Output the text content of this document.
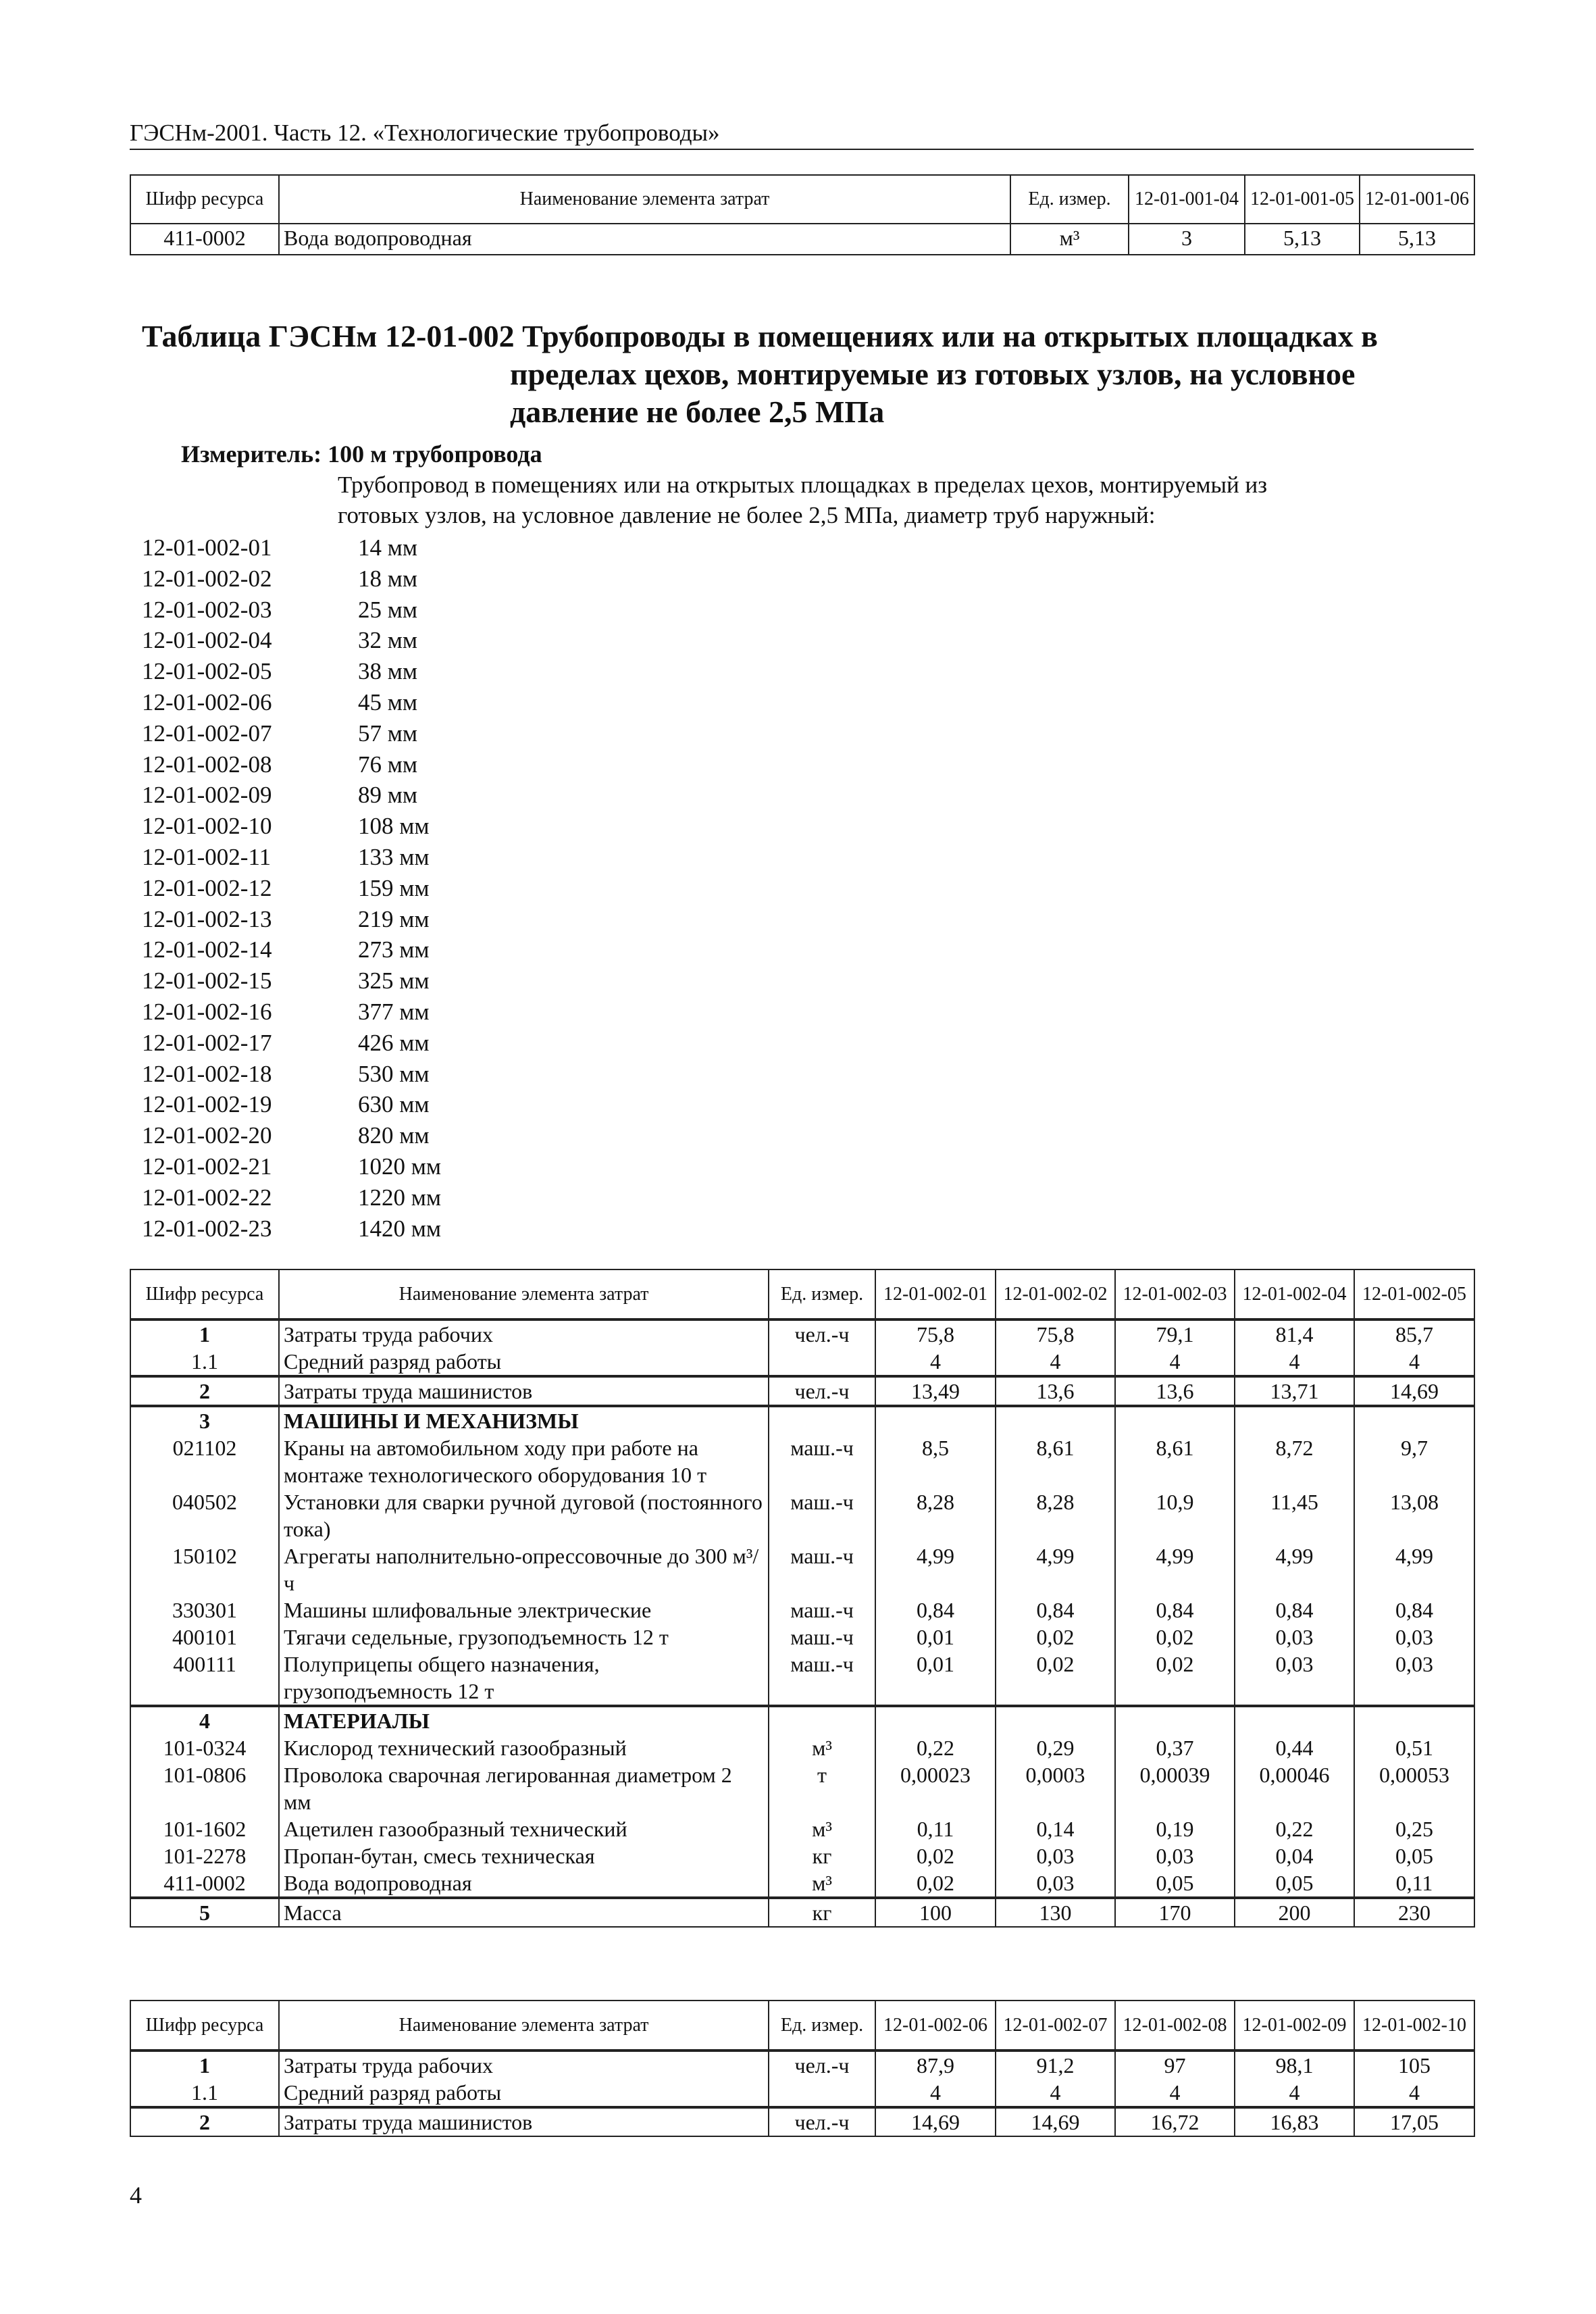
ГЭСНм-2001. Часть 12. «Технологические трубопроводы»
Шифр ресурса	Наименование элемента затрат	Ед. измер.	12-01-001-04	12-01-001-05	12-01-001-06
411-0002	Вода водопроводная	м³	3	5,13	5,13
Таблица ГЭСНм 12-01-002 Трубопроводы в помещениях или на открытых площадках в
пределах цехов, монтируемые из готовых узлов, на условное
давление не более 2,5 МПа
Измеритель: 100 м трубопровода
Трубопровод в помещениях или на открытых площадках в пределах цехов, монтируемый из
готовых узлов, на условное давление не более 2,5 МПа, диаметр труб наружный:
12-01-002-01	14 мм
12-01-002-02	18 мм
12-01-002-03	25 мм
12-01-002-04	32 мм
12-01-002-05	38 мм
12-01-002-06	45 мм
12-01-002-07	57 мм
12-01-002-08	76 мм
12-01-002-09	89 мм
12-01-002-10	108 мм
12-01-002-11	133 мм
12-01-002-12	159 мм
12-01-002-13	219 мм
12-01-002-14	273 мм
12-01-002-15	325 мм
12-01-002-16	377 мм
12-01-002-17	426 мм
12-01-002-18	530 мм
12-01-002-19	630 мм
12-01-002-20	820 мм
12-01-002-21	1020 мм
12-01-002-22	1220 мм
12-01-002-23	1420 мм
Шифр ресурса	Наименование элемента затрат	Ед. измер.	12-01-002-01	12-01-002-02	12-01-002-03	12-01-002-04	12-01-002-05
1	Затраты труда рабочих	чел.-ч	75,8	75,8	79,1	81,4	85,7
1.1	Средний разряд работы		4	4	4	4	4
2	Затраты труда машинистов	чел.-ч	13,49	13,6	13,6	13,71	14,69
3	МАШИНЫ И МЕХАНИЗМЫ						
021102	Краны на автомобильном ходу при работе на монтаже технологического оборудования 10 т	маш.-ч	8,5	8,61	8,61	8,72	9,7
040502	Установки для сварки ручной дуговой (постоянного тока)	маш.-ч	8,28	8,28	10,9	11,45	13,08
150102	Агрегаты наполнительно-опрессовочные до 300 м³/ч	маш.-ч	4,99	4,99	4,99	4,99	4,99
330301	Машины шлифовальные электрические	маш.-ч	0,84	0,84	0,84	0,84	0,84
400101	Тягачи седельные, грузоподъемность 12 т	маш.-ч	0,01	0,02	0,02	0,03	0,03
400111	Полуприцепы общего назначения, грузоподъемность 12 т	маш.-ч	0,01	0,02	0,02	0,03	0,03
4	МАТЕРИАЛЫ						
101-0324	Кислород технический газообразный	м³	0,22	0,29	0,37	0,44	0,51
101-0806	Проволока сварочная легированная диаметром 2 мм	т	0,00023	0,0003	0,00039	0,00046	0,00053
101-1602	Ацетилен газообразный технический	м³	0,11	0,14	0,19	0,22	0,25
101-2278	Пропан-бутан, смесь техническая	кг	0,02	0,03	0,03	0,04	0,05
411-0002	Вода водопроводная	м³	0,02	0,03	0,05	0,05	0,11
5	Масса	кг	100	130	170	200	230
Шифр ресурса	Наименование элемента затрат	Ед. измер.	12-01-002-06	12-01-002-07	12-01-002-08	12-01-002-09	12-01-002-10
1	Затраты труда рабочих	чел.-ч	87,9	91,2	97	98,1	105
1.1	Средний разряд работы		4	4	4	4	4
2	Затраты труда машинистов	чел.-ч	14,69	14,69	16,72	16,83	17,05
4
